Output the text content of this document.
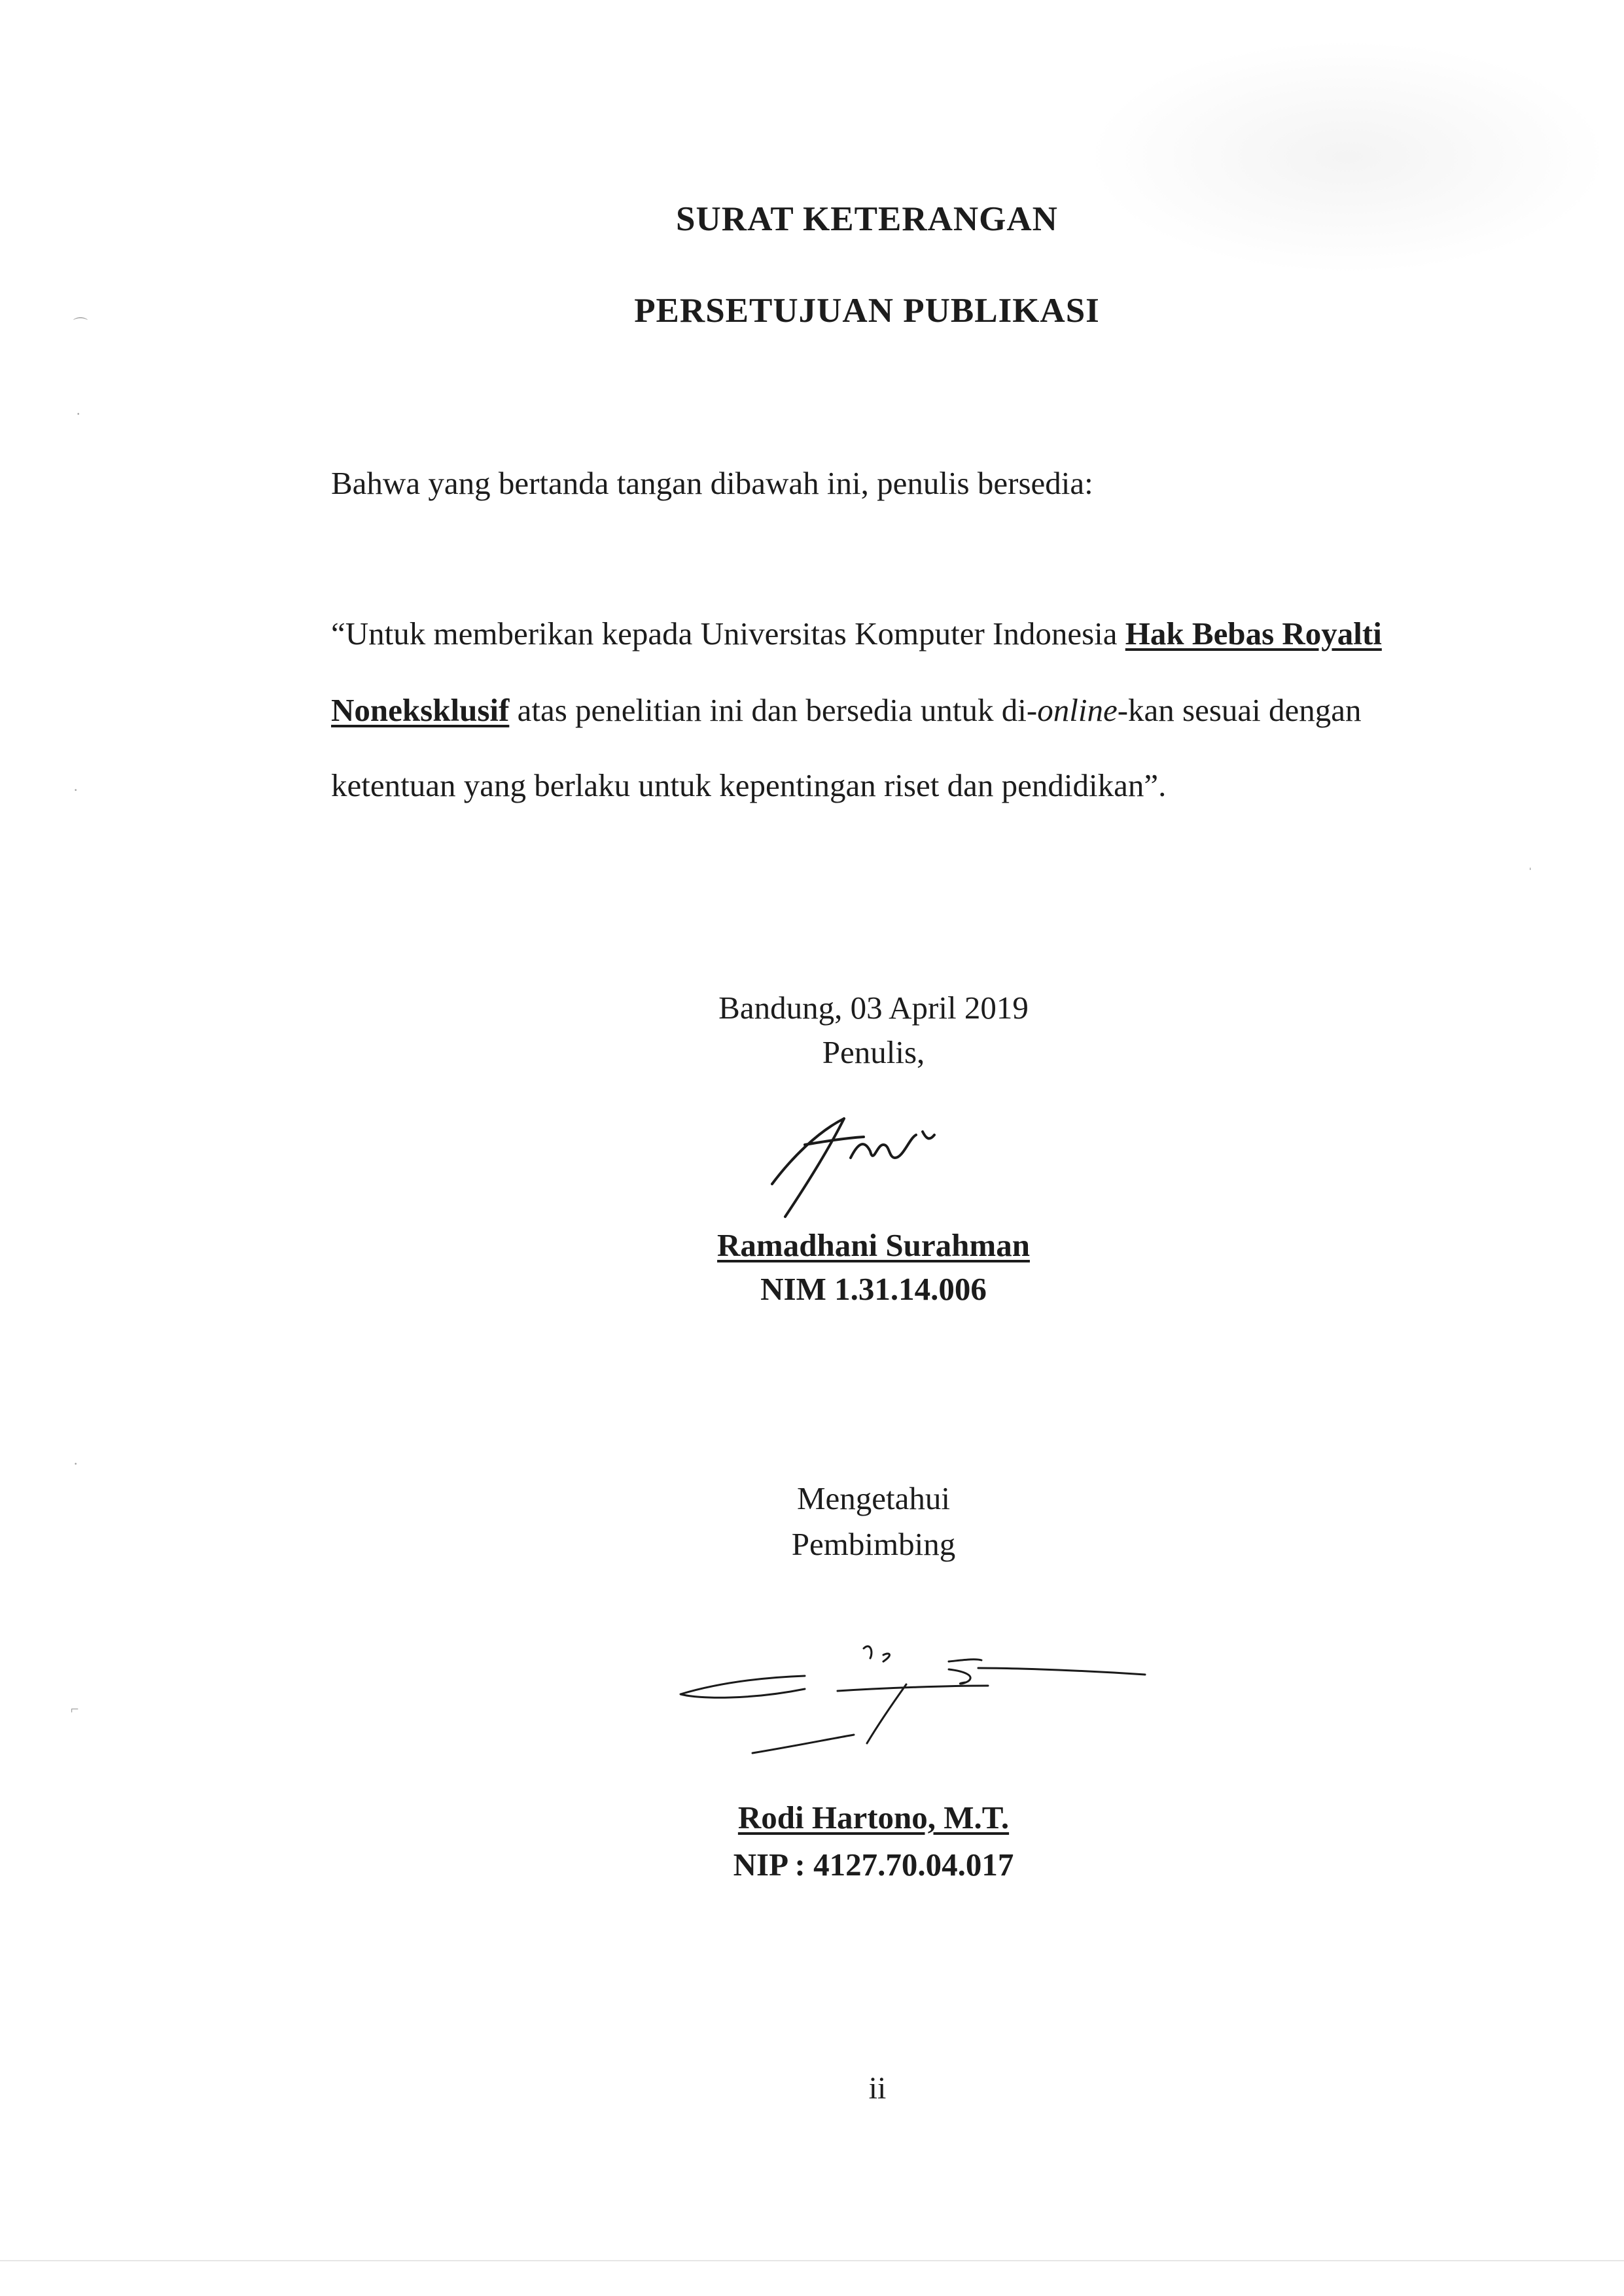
⌒
·
·
ˌ
·
⌐
SURAT KETERANGAN
PERSETUJUAN PUBLIKASI

Bahwa yang bertanda tangan dibawah ini, penulis bersedia:

“Untuk memberikan kepada Universitas Komputer Indonesia Hak Bebas Royalti

Noneksklusif atas penelitian ini dan bersedia untuk di-online-kan sesuai dengan

ketentuan yang berlaku untuk kepentingan riset dan pendidikan”.

Bandung, 03 April 2019

Penulis,

Ramadhani Surahman

NIM 1.31.14.006

Mengetahui

Pembimbing

Rodi Hartono, M.T.

NIP : 4127.70.04.017

ii
